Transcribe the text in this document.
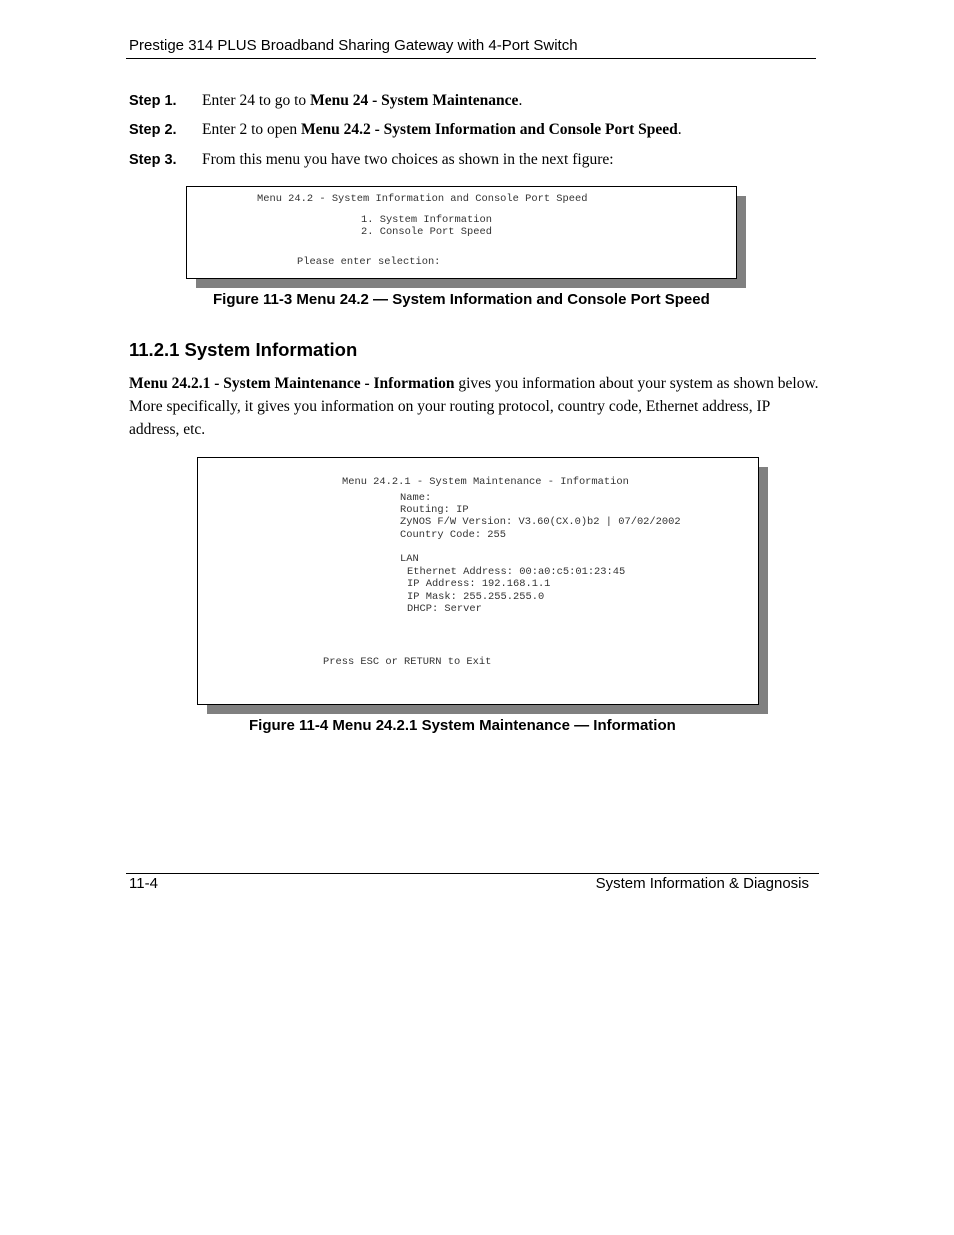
Prestige 314 PLUS Broadband Sharing Gateway with 4-Port Switch
Step 1. Enter 24 to go to Menu 24 - System Maintenance.
Step 2. Enter 2 to open Menu 24.2 - System Information and Console Port Speed.
Step 3. From this menu you have two choices as shown in the next figure:
Menu 24.2 - System Information and Console Port Speed
1. System Information
2. Console Port Speed
Please enter selection:
Figure 11-3 Menu 24.2 — System Information and Console Port Speed
11.2.1 System Information
Menu 24.2.1 - System Maintenance - Information gives you information about your system as shown below. More specifically, it gives you information on your routing protocol, country code, Ethernet address, IP address, etc.
Menu 24.2.1 - System Maintenance - Information
Name:
Routing: IP
ZyNOS F/W Version: V3.60(CX.0)b2 | 07/02/2002
Country Code: 255
LAN
Ethernet Address: 00:a0:c5:01:23:45
IP Address: 192.168.1.1
IP Mask: 255.255.255.0
DHCP: Server
Press ESC or RETURN to Exit
Figure 11-4 Menu 24.2.1 System Maintenance — Information
11-4	System Information & Diagnosis
